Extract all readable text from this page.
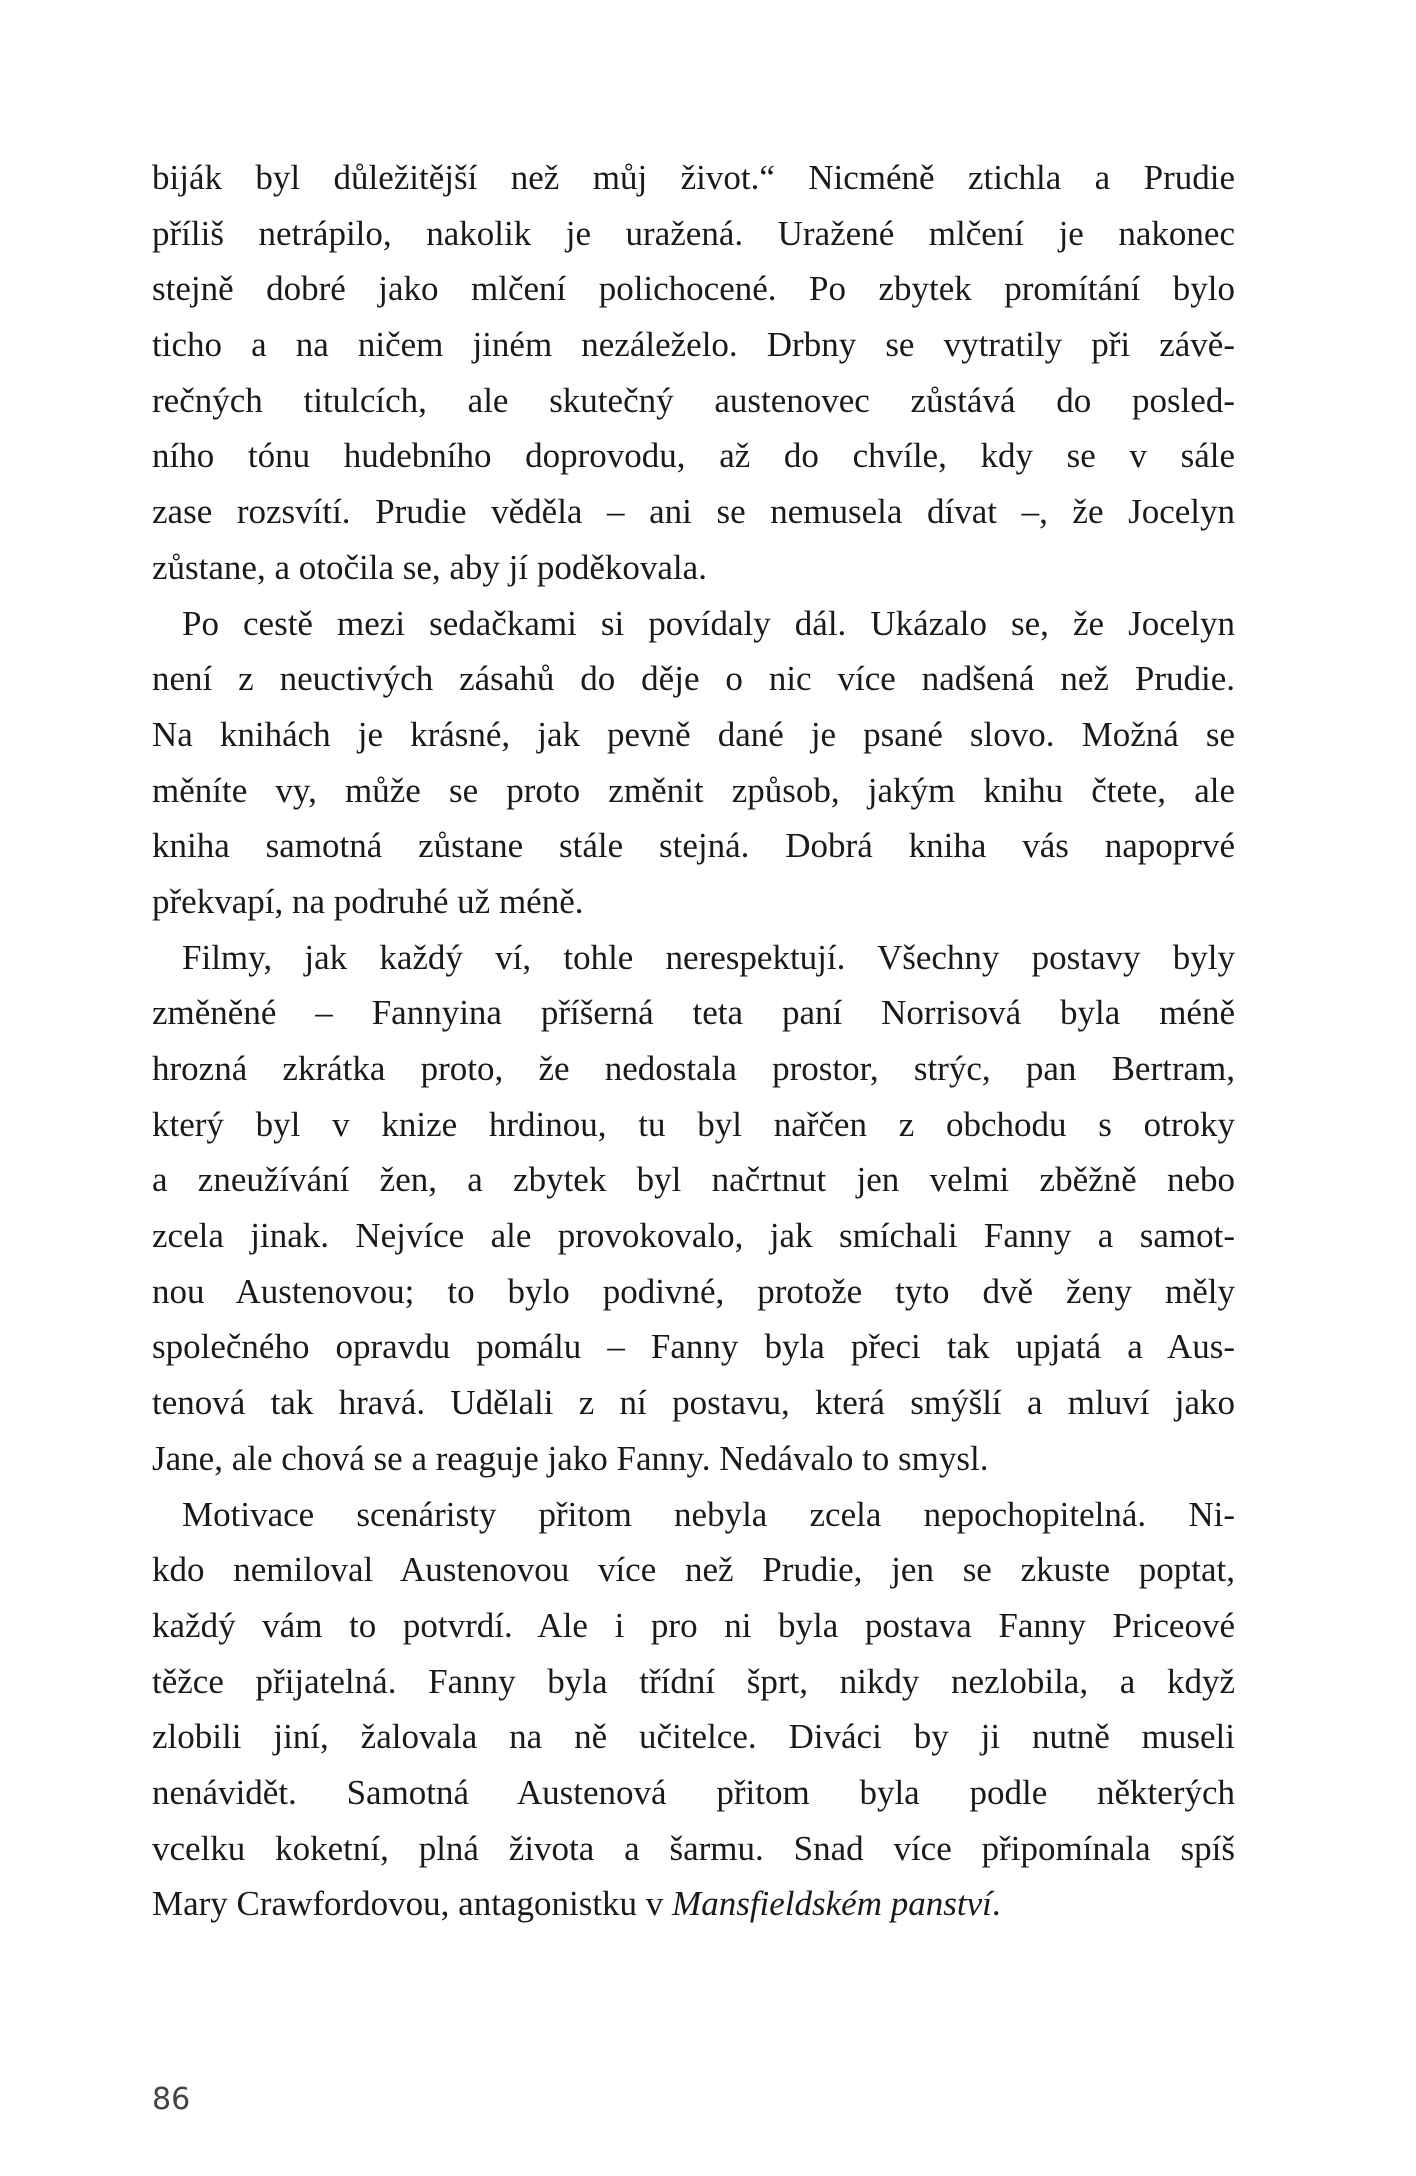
biják byl důležitější než můj život.“ Nicméně ztichla a Prudie
příliš netrápilo, nakolik je uražená. Uražené mlčení je nakonec
stejně dobré jako mlčení polichocené. Po zbytek promítání bylo
ticho a na ničem jiném nezáleželo. Drbny se vytratily při závě-
rečných titulcích, ale skutečný austenovec zůstává do posled-
ního tónu hudebního doprovodu, až do chvíle, kdy se v sále
zase rozsvítí. Prudie věděla – ani se nemusela dívat –, že Jocelyn
zůstane, a otočila se, aby jí poděkovala.
Po cestě mezi sedačkami si povídaly dál. Ukázalo se, že Jocelyn
není z neuctivých zásahů do děje o nic více nadšená než Prudie.
Na knihách je krásné, jak pevně dané je psané slovo. Možná se
měníte vy, může se proto změnit způsob, jakým knihu čtete, ale
kniha samotná zůstane stále stejná. Dobrá kniha vás napoprvé
překvapí, na podruhé už méně.
Filmy, jak každý ví, tohle nerespektují. Všechny postavy byly
změněné – Fannyina příšerná teta paní Norrisová byla méně
hrozná zkrátka proto, že nedostala prostor, strýc, pan Bertram,
který byl v knize hrdinou, tu byl nařčen z obchodu s otroky
a zneužívání žen, a zbytek byl načrtnut jen velmi zběžně nebo
zcela jinak. Nejvíce ale provokovalo, jak smíchali Fanny a samot-
nou Austenovou; to bylo podivné, protože tyto dvě ženy měly
společného opravdu pomálu – Fanny byla přeci tak upjatá a Aus-
tenová tak hravá. Udělali z ní postavu, která smýšlí a mluví jako
Jane, ale chová se a reaguje jako Fanny. Nedávalo to smysl.
Motivace scenáristy přitom nebyla zcela nepochopitelná. Ni-
kdo nemiloval Austenovou více než Prudie, jen se zkuste poptat,
každý vám to potvrdí. Ale i pro ni byla postava Fanny Priceové
těžce přijatelná. Fanny byla třídní šprt, nikdy nezlobila, a když
zlobili jiní, žalovala na ně učitelce. Diváci by ji nutně museli
nenávidět. Samotná Austenová přitom byla podle některých
vcelku koketní, plná života a šarmu. Snad více připomínala spíš
Mary Crawfordovou, antagonistku v Mansfieldském panství.
86
